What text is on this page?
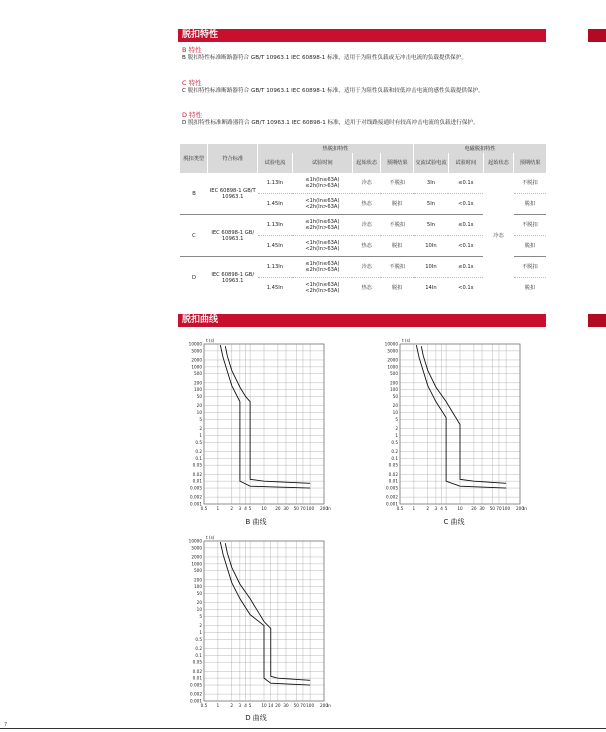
脱扣特性
B 特性
B 脱扣特性标准断路器符合 GB/T 10963.1 IEC 60898-1 标准，适用于为阻性负载或无冲击电流的负载提供保护。
C 特性
C 脱扣特性标准断路器符合 GB/T 10963.1 IEC 60898-1 标准，适用于为阻性负载和较低冲击电流的感性负载提供保护。
D 特性
D 脱扣特性标准断路器符合 GB/T 10963.1 IEC 60898-1 标准，适用于对线路接通时有较高冲击电流的负载进行保护。
脱扣类型	符合标准	热脱扣特性				电磁脱扣特性			
		试验电流	试验时间	起始状态	预期结果	交流试验电流	试验时间	起始状态	预期结果
B	IEC 60898-1 GB/T 10963.1	1.13In	≤1h(In≤63A)
≤2h(In>63A)	冷态	不脱扣	3In	≤0.1s	冷态	不脱扣
		1.45In	<1h(In≤63A)
<2h(In>63A)	热态	脱扣	5In	<0.1s		脱扣
C	IEC 60898-1 GB/ 10963.1	1.13In	≤1h(In≤63A)
≤2h(In>63A)	冷态	不脱扣	5In	≤0.1s		不脱扣
		1.45In	<1h(In≤63A)
<2h(In>63A)	热态	脱扣	10In	<0.1s		脱扣
D	IEC 60898-1 GB/ 10963.1	1.13In	≤1h(In≤63A)
≤2h(In>63A)	冷态	不脱扣	10In	≤0.1s		不脱扣
		1.45In	<1h(In≤63A)
<2h(In>63A)	热态	脱扣	14In	<0.1s		脱扣
脱扣曲线
10000
5000
2000
1000
500
200
100
50
20
10
5
2
1
0.5
0.2
0.1
0.05
0.02
0.01
0.005
0.002
0.001
0.5 1	2 3 4 5 10 20 30 50 70 100 200 In
t (s)
B 曲线
10000
5000
2000
1000
500
200
100
50
20
10
5
2
1
0.5
0.2
0.1
0.05
0.02
0.01
0.005
0.002
0.001
0.5 1	2 3 4 5 10 20 30 50 70 100 200 In
t (s)
C 曲线
10000
5000
2000
1000
500
200
100
50
20
10
5
2
1
0.5
0.2
0.1
0.05
0.02
0.01
0.005
0.002
0.001
0.5 1	2 3 4 5 10 14 20 30 50 70 100 200 In
t (s)
D 曲线
7
